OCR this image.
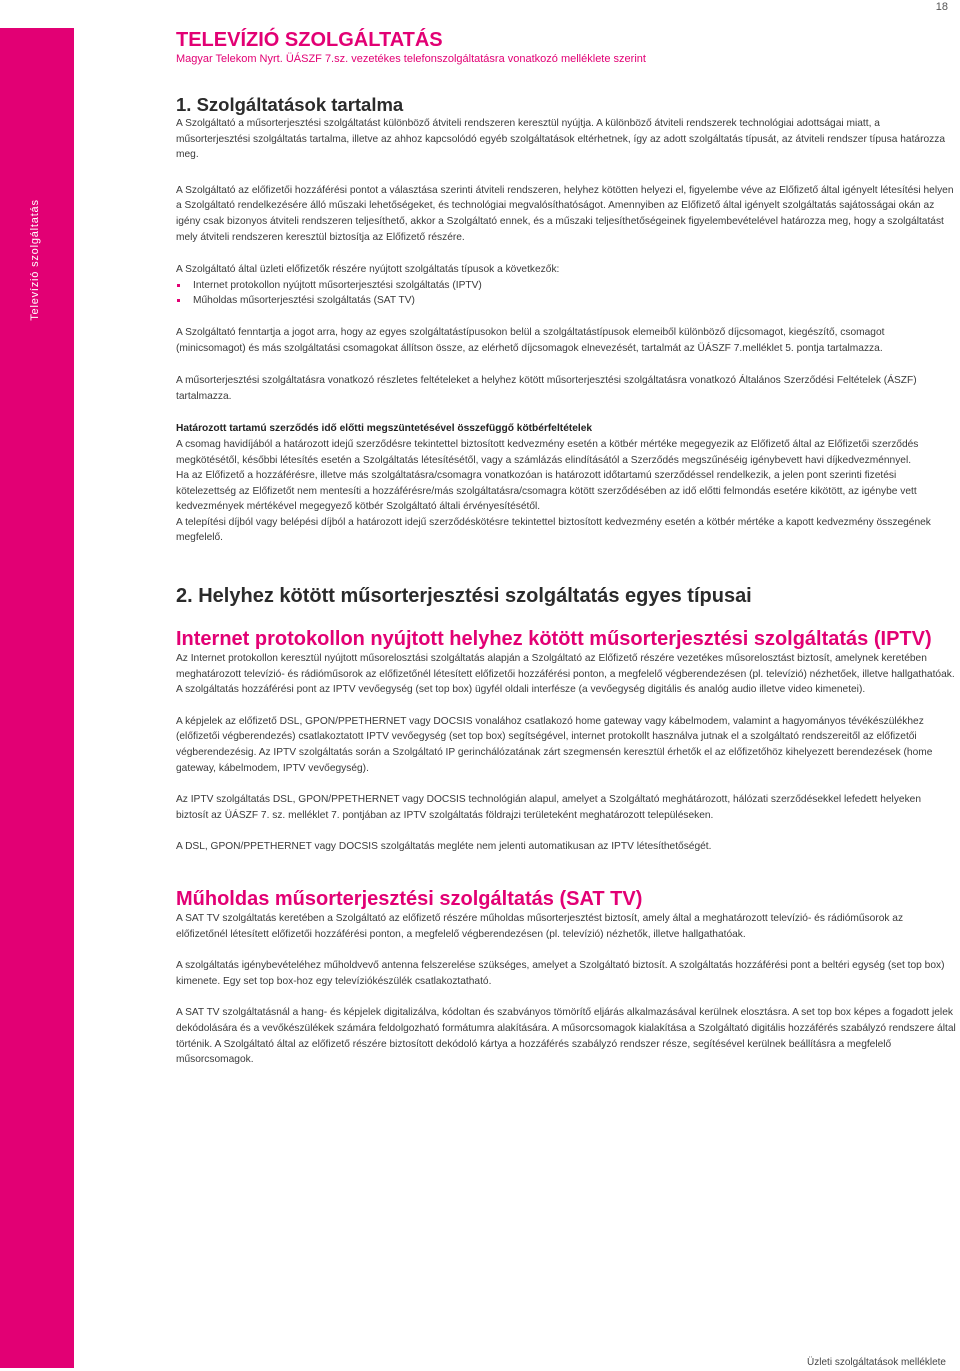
18
Televízió szolgáltatás
TELEVÍZIÓ SZOLGÁLTATÁS

Magyar Telekom Nyrt. ÜÁSZF 7.sz. vezetékes telefonszolgáltatásra vonatkozó melléklete szerint

1. Szolgáltatások tartalma

A Szolgáltató a műsorterjesztési szolgáltatást különböző átviteli rendszeren keresztül nyújtja. A különböző átviteli rendszerek technológiai adottságai miatt, a műsorterjesztési szolgáltatás tartalma, illetve az ahhoz kapcsolódó egyéb szolgáltatások eltérhetnek, így az adott szolgáltatás típusát, az átviteli rendszer típusa határozza meg.

A Szolgáltató az előfizetői hozzáférési pontot a választása szerinti átviteli rendszeren, helyhez kötötten helyezi el, figyelembe véve az Előfizető által igényelt létesítési helyen a Szolgáltató rendelkezésére álló műszaki lehetőségeket, és technológiai megvalósíthatóságot. Amennyiben az Előfizető által igényelt szolgáltatás sajátosságai okán az igény csak bizonyos átviteli rendszeren teljesíthető, akkor a Szolgáltató ennek, és a műszaki teljesíthetőségeinek figyelembevételével határozza meg, hogy a szolgáltatást mely átviteli rendszeren keresztül biztosítja az Előfizető részére.

A Szolgáltató által üzleti előfizetők részére nyújtott szolgáltatás típusok a következők:

Internet protokollon nyújtott műsorterjesztési szolgáltatás (IPTV)
Műholdas műsorterjesztési szolgáltatás (SAT TV)

A Szolgáltató fenntartja a jogot arra, hogy az egyes szolgáltatástípusokon belül a szolgáltatástípusok elemeiből különböző díjcsomagot, kiegészítő, csomagot (minicsomagot) és más szolgáltatási csomagokat állítson össze, az elérhető díjcsomagok elnevezését, tartalmát az ÜÁSZF 7.melléklet 5. pontja tartalmazza.

A műsorterjesztési szolgáltatásra vonatkozó részletes feltételeket a helyhez kötött műsorterjesztési szolgáltatásra vonatkozó Általános Szerződési Feltételek (ÁSZF) tartalmazza.

Határozott tartamú szerződés idő előtti megszüntetésével összefüggő kötbérfeltételek

A csomag havidíjából a határozott idejű szerződésre tekintettel biztosított kedvezmény esetén a kötbér mértéke megegyezik az Előfizető által az Előfizetői szerződés megkötésétől, későbbi létesítés esetén a Szolgáltatás létesítésétől, vagy a számlázás elindításától a Szerződés megszűnéséig igénybevett havi díjkedvezménnyel.

Ha az Előfizető a hozzáférésre, illetve más szolgáltatásra/csomagra vonatkozóan is határozott időtartamú szerződéssel rendelkezik, a jelen pont szerinti fizetési kötelezettség az Előfizetőt nem mentesíti a hozzáférésre/más szolgáltatásra/csomagra kötött szerződésében az idő előtti felmondás esetére kikötött, az igénybe vett kedvezmények mértékével megegyező kötbér Szolgáltató általi érvényesítésétől.

A telepítési díjból vagy belépési díjból a határozott idejű szerződéskötésre tekintettel biztosított kedvezmény esetén a kötbér mértéke a kapott kedvezmény összegének megfelelő.

2. Helyhez kötött műsorterjesztési szolgáltatás egyes típusai
Internet protokollon nyújtott helyhez kötött műsorterjesztési szolgáltatás (IPTV)

Az Internet protokollon keresztül nyújtott műsorelosztási szolgáltatás alapján a Szolgáltató az Előfizető részére vezetékes műsorelosztást biztosít, amelynek keretében meghatározott televízió- és rádióműsorok az előfizetőnél létesített előfizetői hozzáférési ponton, a megfelelő végberendezésen (pl. televízió) nézhetőek, illetve hallgathatóak.

A szolgáltatás hozzáférési pont az IPTV vevőegység (set top box) ügyfél oldali interfésze (a vevőegység digitális és analóg audio illetve video kimenetei).

A képjelek az előfizető DSL, GPON/PPETHERNET vagy DOCSIS vonalához csatlakozó home gateway vagy kábelmodem, valamint a hagyományos tévékészülékhez (előfizetői végberendezés) csatlakoztatott IPTV vevőegység (set top box) segítségével, internet protokollt használva jutnak el a szolgáltató rendszereitől az előfizetői végberendezésig. Az IPTV szolgáltatás során a Szolgáltató IP gerinchálózatának zárt szegmensén keresztül érhetők el az előfizetőhöz kihelyezett berendezések (home gateway, kábelmodem, IPTV vevőegység).

Az IPTV szolgáltatás DSL, GPON/PPETHERNET vagy DOCSIS technológián alapul, amelyet a Szolgáltató meghátározott, hálózati szerződésekkel lefedett helyeken biztosít az ÜÁSZF 7. sz. melléklet 7. pontjában az IPTV szolgáltatás földrajzi területeként meghatározott településeken.

A DSL, GPON/PPETHERNET vagy DOCSIS szolgáltatás megléte nem jelenti automatikusan az IPTV létesíthetőségét.

Műholdas műsorterjesztési szolgáltatás (SAT TV)

A SAT TV szolgáltatás keretében a Szolgáltató az előfizető részére műholdas műsorterjesztést biztosít, amely által a meghatározott televízió- és rádióműsorok az előfizetőnél létesített előfizetői hozzáférési ponton, a megfelelő végberendezésen (pl. televízió) nézhetők, illetve hallgathatóak.

A szolgáltatás igénybevételéhez műholdvevő antenna felszerelése szükséges, amelyet a Szolgáltató biztosít. A szolgáltatás hozzáférési pont a beltéri egység (set top box) kimenete. Egy set top box-hoz egy televíziókészülék csatlakoztatható.

A SAT TV szolgáltatásnál a hang- és képjelek digitalizálva, kódoltan és szabványos tömörítő eljárás alkalmazásával kerülnek elosztásra. A set top box képes a fogadott jelek dekódolására és a vevőkészülékek számára feldolgozható formátumra alakítására. A műsorcsomagok kialakítása a Szolgáltató digitális hozzáférés szabályzó rendszere által történik. A Szolgáltató által az előfizető részére biztosított dekódoló kártya a hozzáférés szabályzó rendszer része, segítésével kerülnek beállításra a megfelelő műsorcsomagok.

Üzleti szolgáltatások melléklete
